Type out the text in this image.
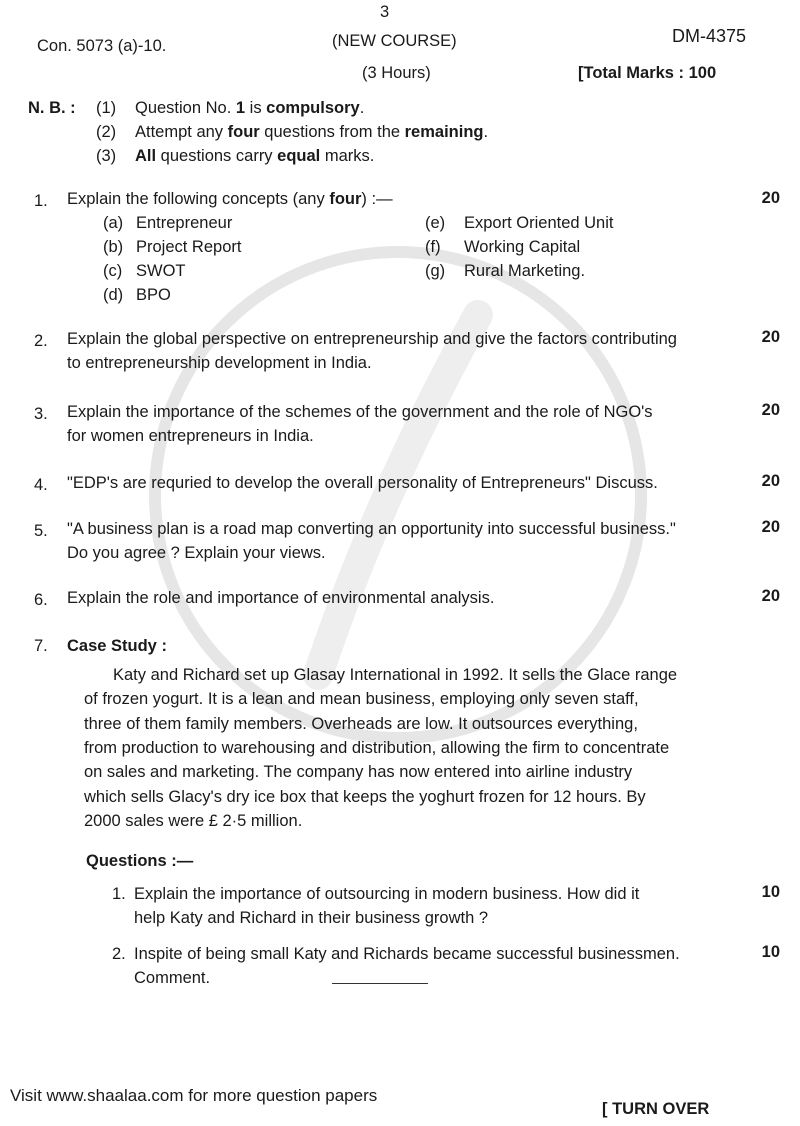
3
Con. 5073 (a)-10.	(NEW COURSE)	DM-4375
(3 Hours)	[Total Marks : 100
N. B. : (1) Question No. 1 is compulsory.
(2) Attempt any four questions from the remaining.
(3) All questions carry equal marks.
1. Explain the following concepts (any four) :—	20
(a) Entrepreneur
(b) Project Report
(c) SWOT
(d) BPO
(e) Export Oriented Unit
(f) Working Capital
(g) Rural Marketing.
2. Explain the global perspective on entrepreneurship and give the factors contributing
to entrepreneurship development in India.
20
3. Explain the importance of the schemes of the government and the role of NGO's
for women entrepreneurs in India.
20
4. "EDP's are requried to develop the overall personality of Entrepreneurs" Discuss.	20
5. "A business plan is a road map converting an opportunity into successful business."
Do you agree ? Explain your views.
20
6. Explain the role and importance of environmental analysis.	20
7. Case Study :
Katy and Richard set up Glasay International in 1992. It sells the Glace range
of frozen yogurt. It is a lean and mean business, employing only seven staff,
three of them family members. Overheads are low. It outsources everything,
from production to warehousing and distribution, allowing the firm to concentrate
on sales and marketing. The company has now entered into airline industry
which sells Glacy's dry ice box that keeps the yoghurt frozen for 12 hours. By
2000 sales were £ 2·5 million.
Questions :—
1. Explain the importance of outsourcing in modern business. How did it
help Katy and Richard in their business growth ?
10
2. Inspite of being small Katy and Richards became successful businessmen.
Comment.
10
Visit www.shaalaa.com for more question papers
[ TURN OVER
